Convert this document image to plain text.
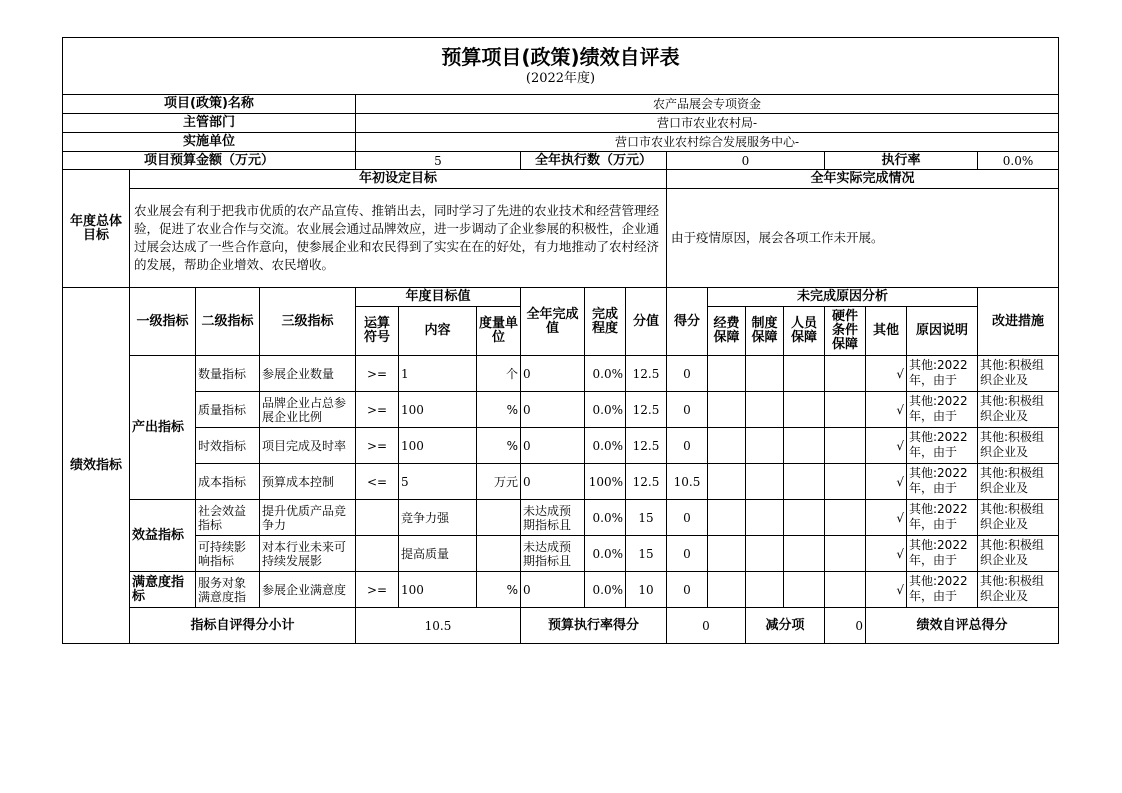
预算项目(政策)绩效自评表
(2022年度)																		

项目(政策)名称				农产品展会专项资金														
主管部门				营口市农业农村局-														
实施单位				营口市农业农村综合发展服务中心-														
项目预算金额（万元）				5			全年执行数（万元）			0				执行率			0.0%	
年度总体目标	年初设定目标									全年实际完成情况								
	农业展会有利于把我市优质的农产品宣传、推销出去，同时学习了先进的农业技术和经营管理经验，促进了农业合作与交流。农业展会通过品牌效应，进一步调动了企业参展的积极性，企业通过展会达成了一些合作意向，使参展企业和农民得到了实实在在的好处，有力地推动了农村经济的发展，帮助企业增效、农民增收。									由于疫情原因，展会各项工作未开展。								
绩效指标	一级指标	二级指标	三级指标	年度目标值			全年完成值	完成程度	分值	得分	未完成原因分析						改进措施	
				运算符号	内容	度量单位					经费保障	制度保障	人员保障	硬件条件保障	其他	原因说明		
	产出指标	数量指标	参展企业数量	>=	1	个	0	0.0%	12.5	0					√	其他:2022年，由于	其他:积极组织企业及	

		质量指标	品牌企业占总参展企业比例	>=	100	%	0	0.0%	12.5	0					√	其他:2022年，由于	其他:积极组织企业及	

		时效指标	项目完成及时率	>=	100	%	0	0.0%	12.5	0					√	其他:2022年，由于	其他:积极组织企业及	

		成本指标	预算成本控制	<=	5	万元	0	100%	12.5	10.5					√	其他:2022年，由于	其他:积极组织企业及	

	效益指标	社会效益指标	提升优质产品竞争力		竞争力强		未达成预期指标且	0.0%	15	0					√	其他:2022年，由于	其他:积极组织企业及	

		可持续影响指标	对本行业未来可持续发展影		提高质量		未达成预期指标且	0.0%	15	0					√	其他:2022年，由于	其他:积极组织企业及	

	满意度指标	服务对象满意度指	参展企业满意度	>=	100	%	0	0.0%	10	0					√	其他:2022年，由于	其他:积极组织企业及	

	指标自评得分小计			10.5			预算执行率得分			0		减分项		0	绩效自评总得分	
